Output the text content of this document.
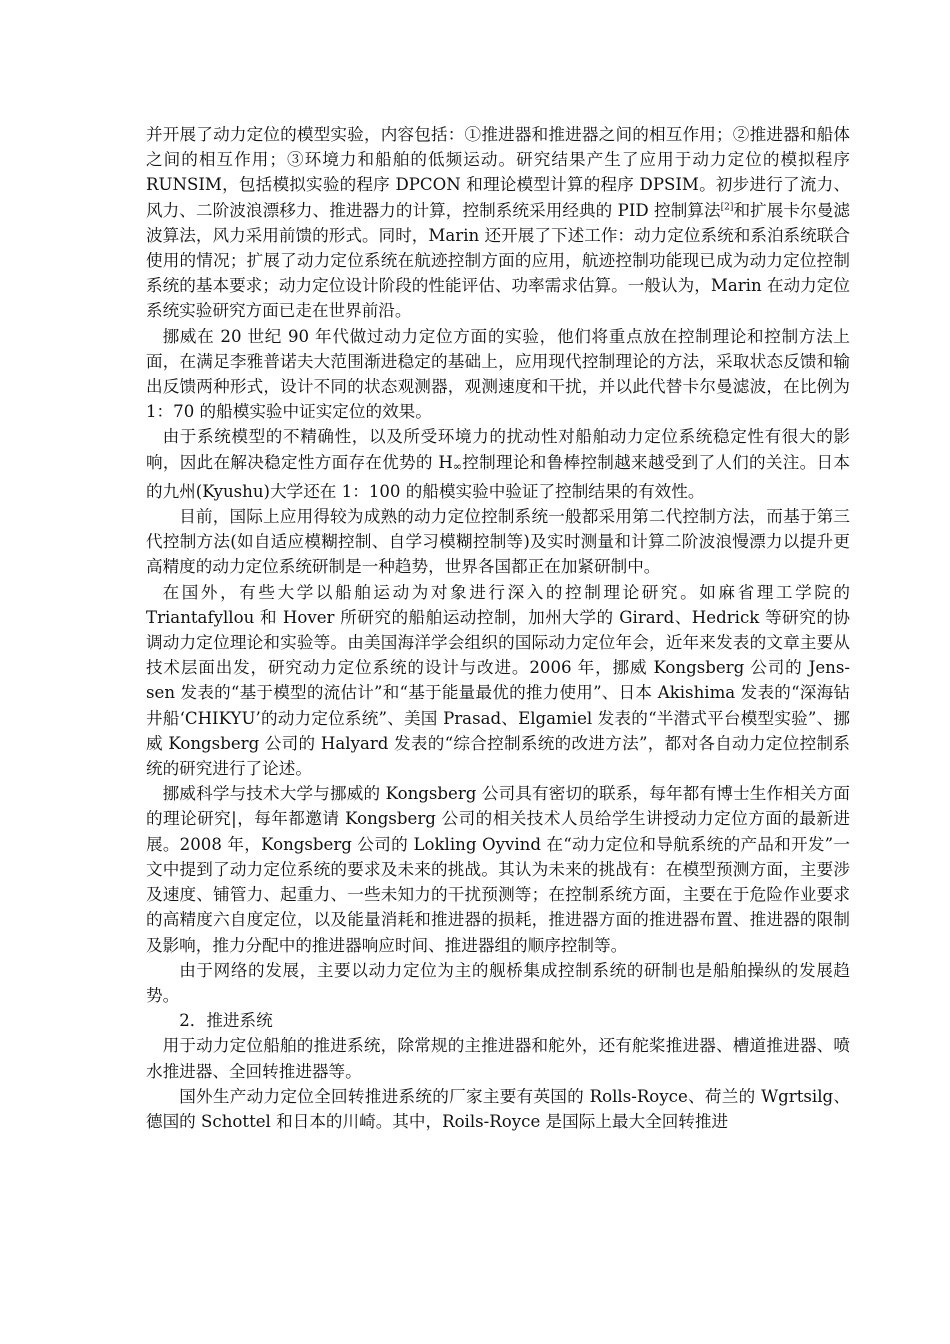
并开展了动力定位的模型实验，内容包括：①推进器和推进器之间的相互作用；②推进器和船体之间的相互作用；③环境力和船舶的低频运动。研究结果产生了应用于动力定位的模拟程序 RUNSIM，包括模拟实验的程序 DPCON 和理论模型计算的程序 DPSIM。初步进行了流力、风力、二阶波浪漂移力、推进器力的计算，控制系统采用经典的 PID 控制算法[2]和扩展卡尔曼滤波算法，风力采用前馈的形式。同时，Marin 还开展了下述工作：动力定位系统和系泊系统联合使用的情况；扩展了动力定位系统在航迹控制方面的应用，航迹控制功能现已成为动力定位控制系统的基本要求；动力定位设计阶段的性能评估、功率需求估算。一般认为，Marin 在动力定位系统实验研究方面已走在世界前沿。

挪威在 20 世纪 90 年代做过动力定位方面的实验，他们将重点放在控制理论和控制方法上面，在满足李雅普诺夫大范围渐进稳定的基础上，应用现代控制理论的方法，采取状态反馈和输出反馈两种形式，设计不同的状态观测器，观测速度和干扰，并以此代替卡尔曼滤波，在比例为 1：70 的船模实验中证实定位的效果。

由于系统模型的不精确性，以及所受环境力的扰动性对船舶动力定位系统稳定性有很大的影响，因此在解决稳定性方面存在优势的 H∞控制理论和鲁棒控制越来越受到了人们的关注。日本的九州(Kyushu)大学还在 1：100 的船模实验中验证了控制结果的有效性。

目前，国际上应用得较为成熟的动力定位控制系统一般都采用第二代控制方法，而基于第三代控制方法(如自适应模糊控制、自学习模糊控制等)及实时测量和计算二阶波浪慢漂力以提升更高精度的动力定位系统研制是一种趋势，世界各国都正在加紧研制中。

在国外，有些大学以船舶运动为对象进行深入的控制理论研究。如麻省理工学院的 Triantafyllou 和 Hover 所研究的船舶运动控制，加州大学的 Girard、Hedrick 等研究的协调动力定位理论和实验等。由美国海洋学会组织的国际动力定位年会，近年来发表的文章主要从技术层面出发，研究动力定位系统的设计与改进。2006 年，挪威 Kongsberg 公司的 Jens-sen 发表的“基于模型的流估计”和“基于能量最优的推力使用”、日本 Akishima 发表的“深海钻井船‘CHIKYU’的动力定位系统”、美国 Prasad、Elgamiel 发表的“半潜式平台模型实验”、挪威 Kongsberg 公司的 Halyard 发表的“综合控制系统的改进方法”，都对各自动力定位控制系统的研究进行了论述。

挪威科学与技术大学与挪威的 Kongsberg 公司具有密切的联系，每年都有博士生作相关方面的理论研究|，每年都邀请 Kongsberg 公司的相关技术人员给学生讲授动力定位方面的最新进展。2008 年，Kongsberg 公司的 Lokling Oyvind 在“动力定位和导航系统的产品和开发”一文中提到了动力定位系统的要求及未来的挑战。其认为未来的挑战有：在模型预测方面，主要涉及速度、铺管力、起重力、一些未知力的干扰预测等；在控制系统方面，主要在于危险作业要求的高精度六自度定位，以及能量消耗和推进器的损耗，推进器方面的推进器布置、推进器的限制及影响，推力分配中的推进器响应时间、推进器组的顺序控制等。

由于网络的发展，主要以动力定位为主的舰桥集成控制系统的研制也是船舶操纵的发展趋势。

2．推进系统

用于动力定位船舶的推进系统，除常规的主推进器和舵外，还有舵桨推进器、槽道推进器、喷水推进器、全回转推进器等。

国外生产动力定位全回转推进系统的厂家主要有英国的 Rolls-Royce、荷兰的 Wgrtsilg、德国的 Schottel 和日本的川崎。其中，Roils-Royce 是国际上最大全回转推进
